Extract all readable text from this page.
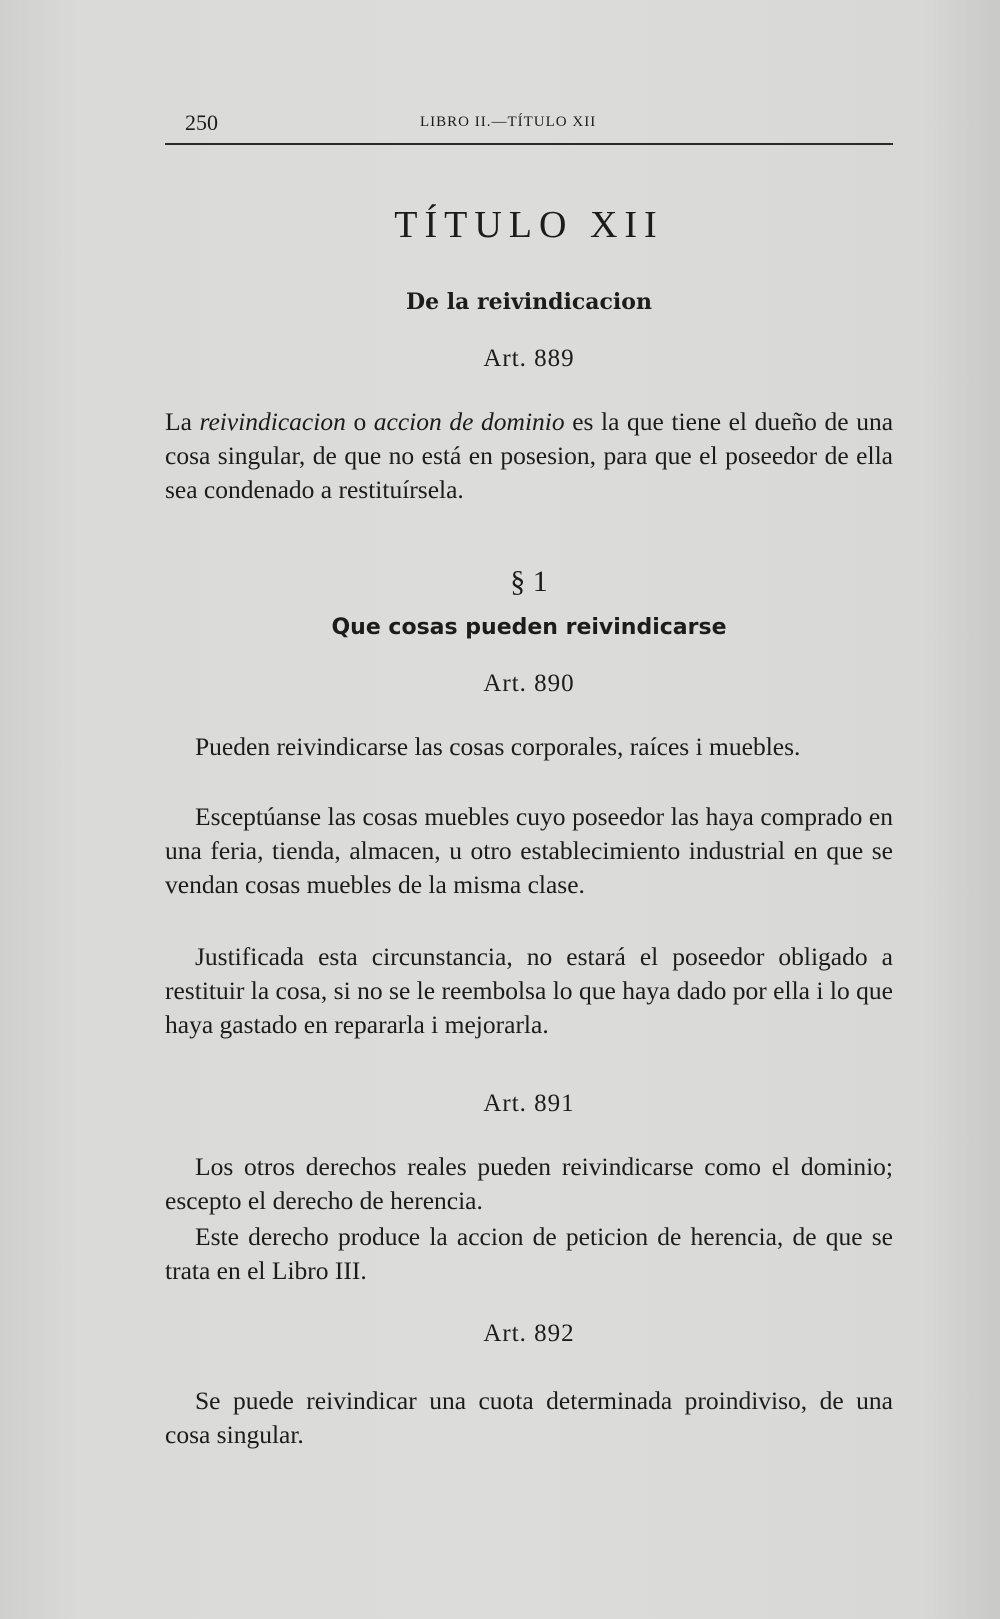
250	LIBRO II.—TÍTULO XII
TÍTULO XII
De la reivindicacion
Art. 889
La reivindicacion o accion de dominio es la que tiene el dueño de una cosa singular, de que no está en posesion, para que el poseedor de ella sea condenado a restituírsela.
§ 1
Que cosas pueden reivindicarse
Art. 890
Pueden reivindicarse las cosas corporales, raíces i muebles.
Esceptúanse las cosas muebles cuyo poseedor las haya comprado en una feria, tienda, almacen, u otro establecimiento industrial en que se vendan cosas muebles de la misma clase.
Justificada esta circunstancia, no estará el poseedor obligado a restituir la cosa, si no se le reembolsa lo que haya dado por ella i lo que haya gastado en repararla i mejorarla.
Art. 891
Los otros derechos reales pueden reivindicarse como el dominio; escepto el derecho de herencia.
Este derecho produce la accion de peticion de herencia, de que se trata en el Libro III.
Art. 892
Se puede reivindicar una cuota determinada proindiviso, de una cosa singular.
